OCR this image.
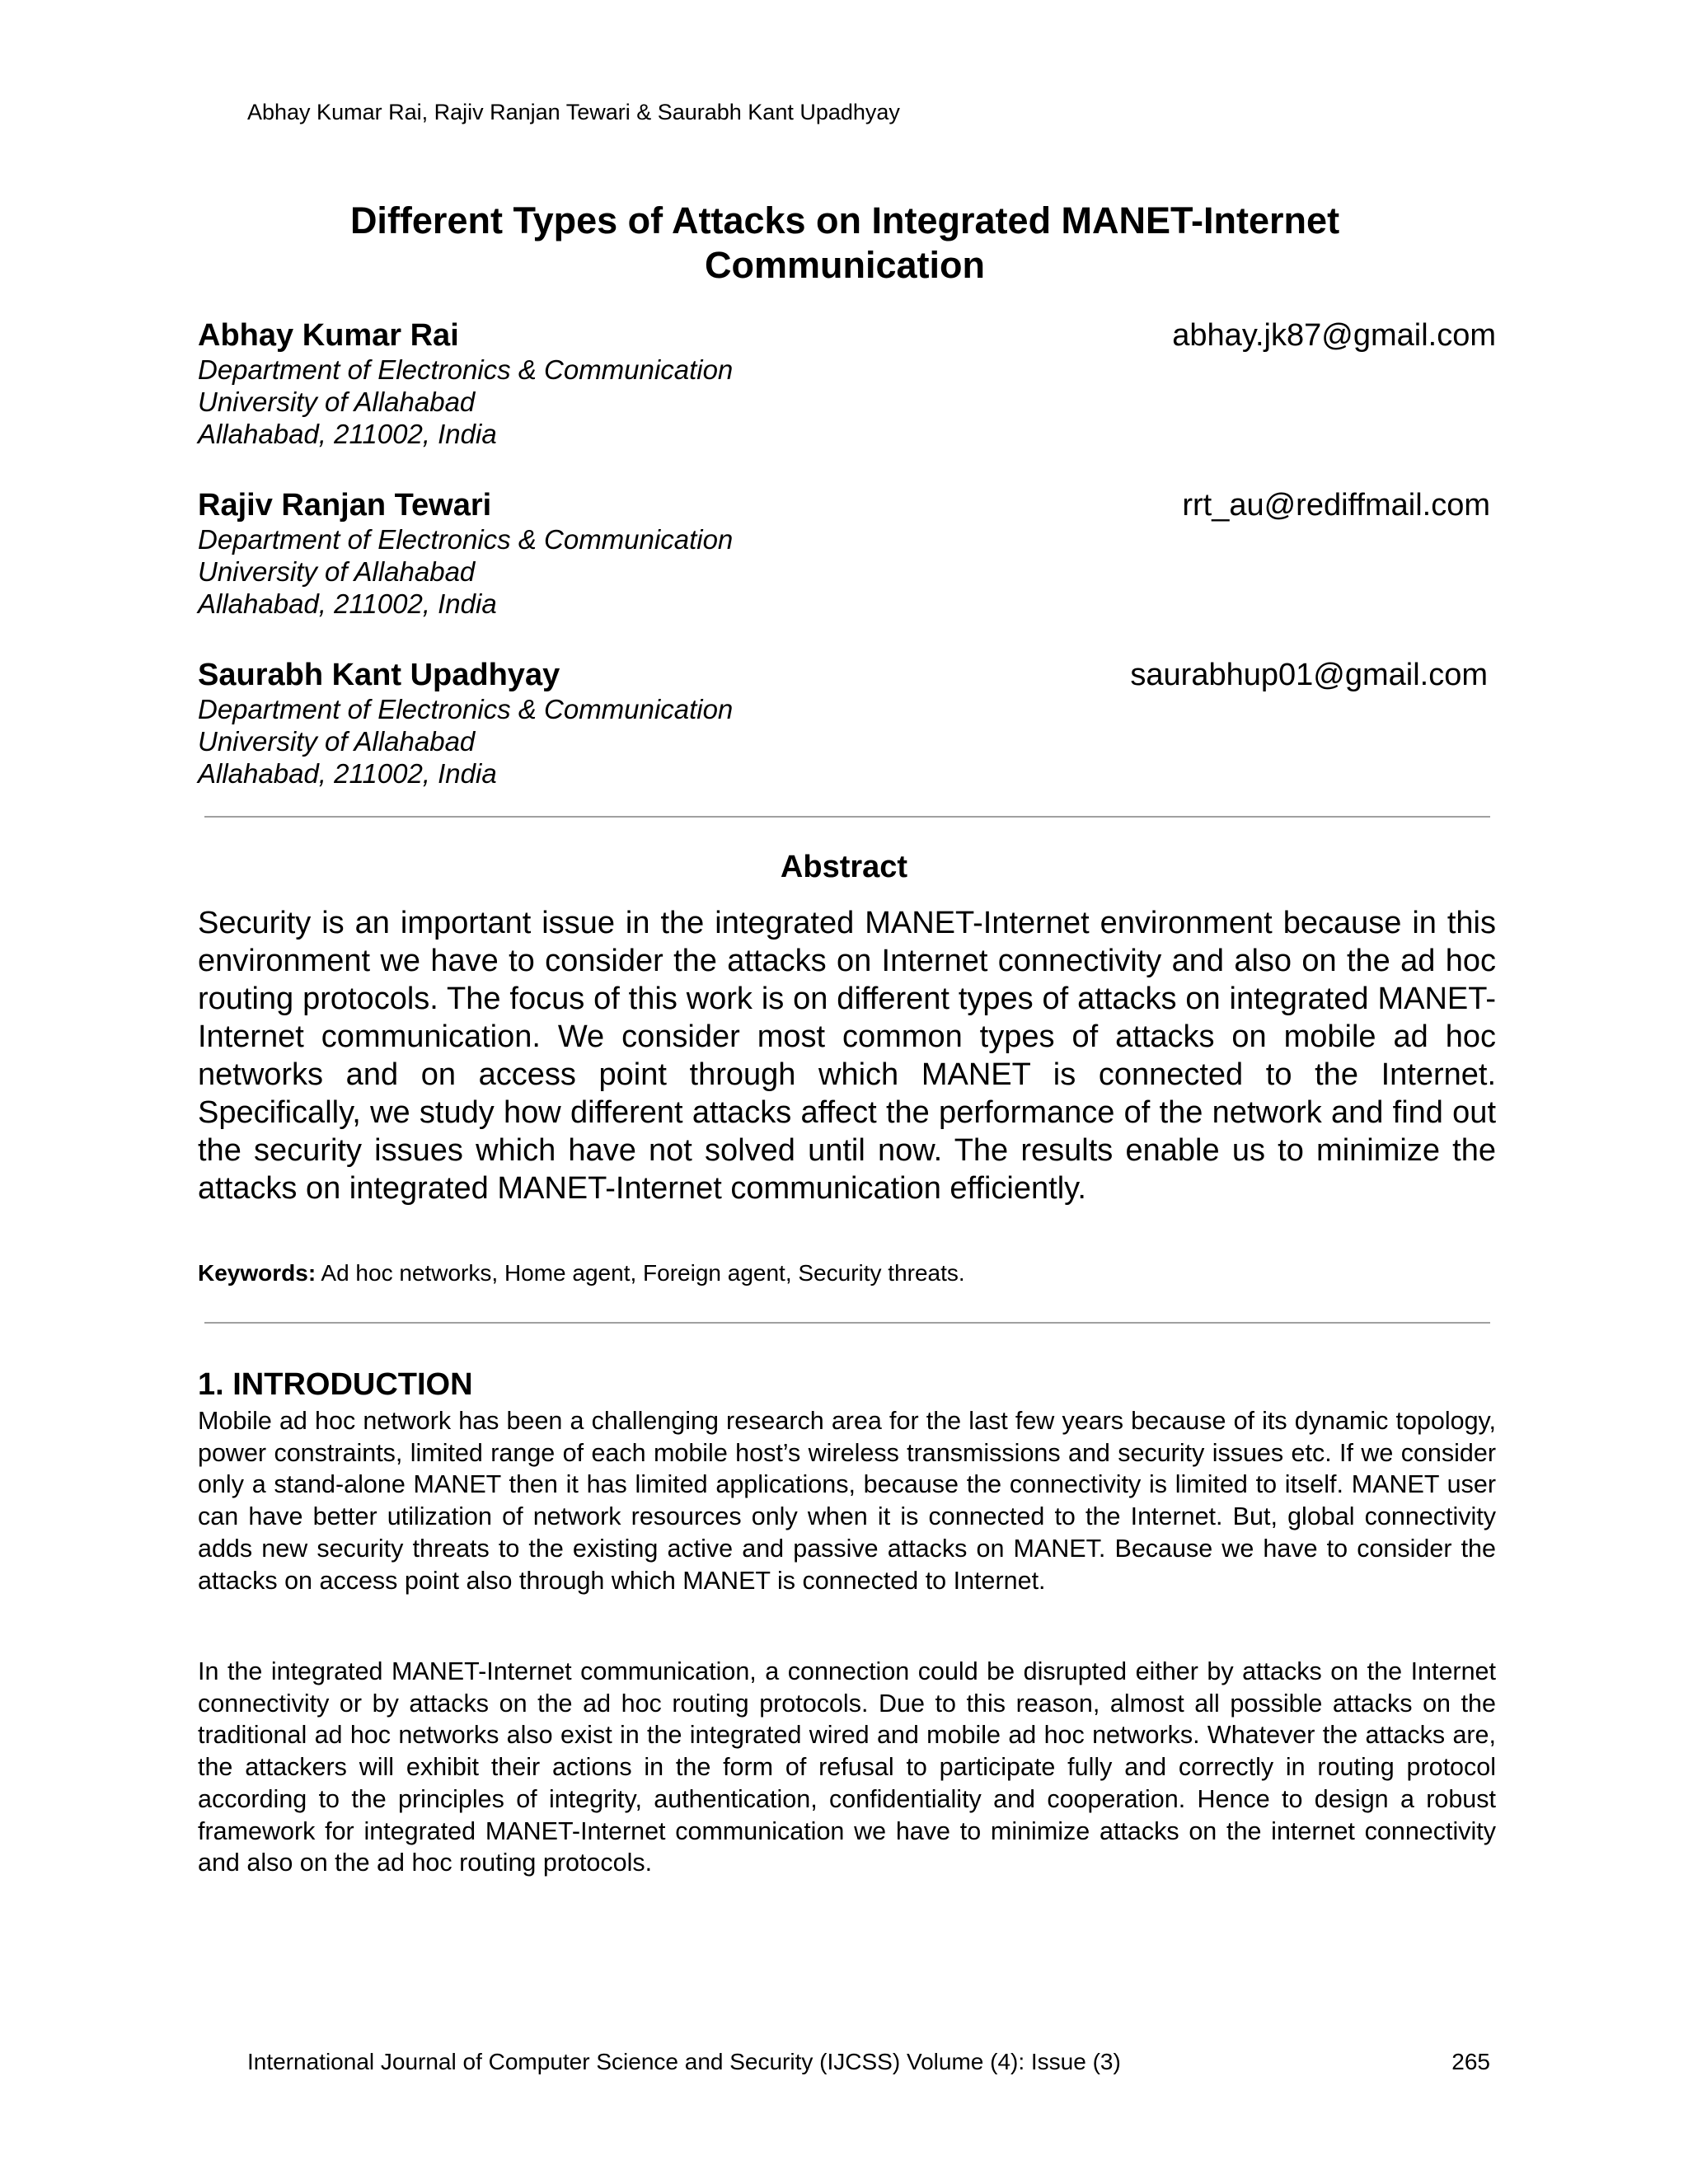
Abhay Kumar Rai, Rajiv Ranjan Tewari & Saurabh Kant Upadhyay
Different Types of Attacks on Integrated MANET-Internet
Communication
Abhay Kumar Rai	abhay.jk87@gmail.com
Department of Electronics & Communication
University of Allahabad
Allahabad, 211002, India
Rajiv Ranjan Tewari	rrt_au@rediffmail.com
Department of Electronics & Communication
University of Allahabad
Allahabad, 211002, India
Saurabh Kant Upadhyay	saurabhup01@gmail.com
Department of Electronics & Communication
University of Allahabad
Allahabad, 211002, India
Abstract
Security is an important issue in the integrated MANET-Internet environment because in this environment we have to consider the attacks on Internet connectivity and also on the ad hoc routing protocols. The focus of this work is on different types of attacks on integrated MANET-Internet communication. We consider most common types of attacks on mobile ad hoc networks and on access point through which MANET is connected to the Internet. Specifically, we study how different attacks affect the performance of the network and find out the security issues which have not solved until now. The results enable us to minimize the attacks on integrated MANET-Internet communication efficiently.
Keywords: Ad hoc networks, Home agent, Foreign agent, Security threats.
1. INTRODUCTION
Mobile ad hoc network has been a challenging research area for the last few years because of its dynamic topology, power constraints, limited range of each mobile host’s wireless transmissions and security issues etc. If we consider only a stand-alone MANET then it has limited applications, because the connectivity is limited to itself. MANET user can have better utilization of network resources only when it is connected to the Internet. But, global connectivity adds new security threats to the existing active and passive attacks on MANET. Because we have to consider the attacks on access point also through which MANET is connected to Internet.
In the integrated MANET-Internet communication, a connection could be disrupted either by attacks on the Internet connectivity or by attacks on the ad hoc routing protocols. Due to this reason, almost all possible attacks on the traditional ad hoc networks also exist in the integrated wired and mobile ad hoc networks. Whatever the attacks are, the attackers will exhibit their actions in the form of refusal to participate fully and correctly in routing protocol according to the principles of integrity, authentication, confidentiality and cooperation. Hence to design a robust framework for integrated MANET-Internet communication we have to minimize attacks on the internet connectivity and also on the ad hoc routing protocols.
International Journal of Computer Science and Security (IJCSS) Volume (4): Issue (3)	265
